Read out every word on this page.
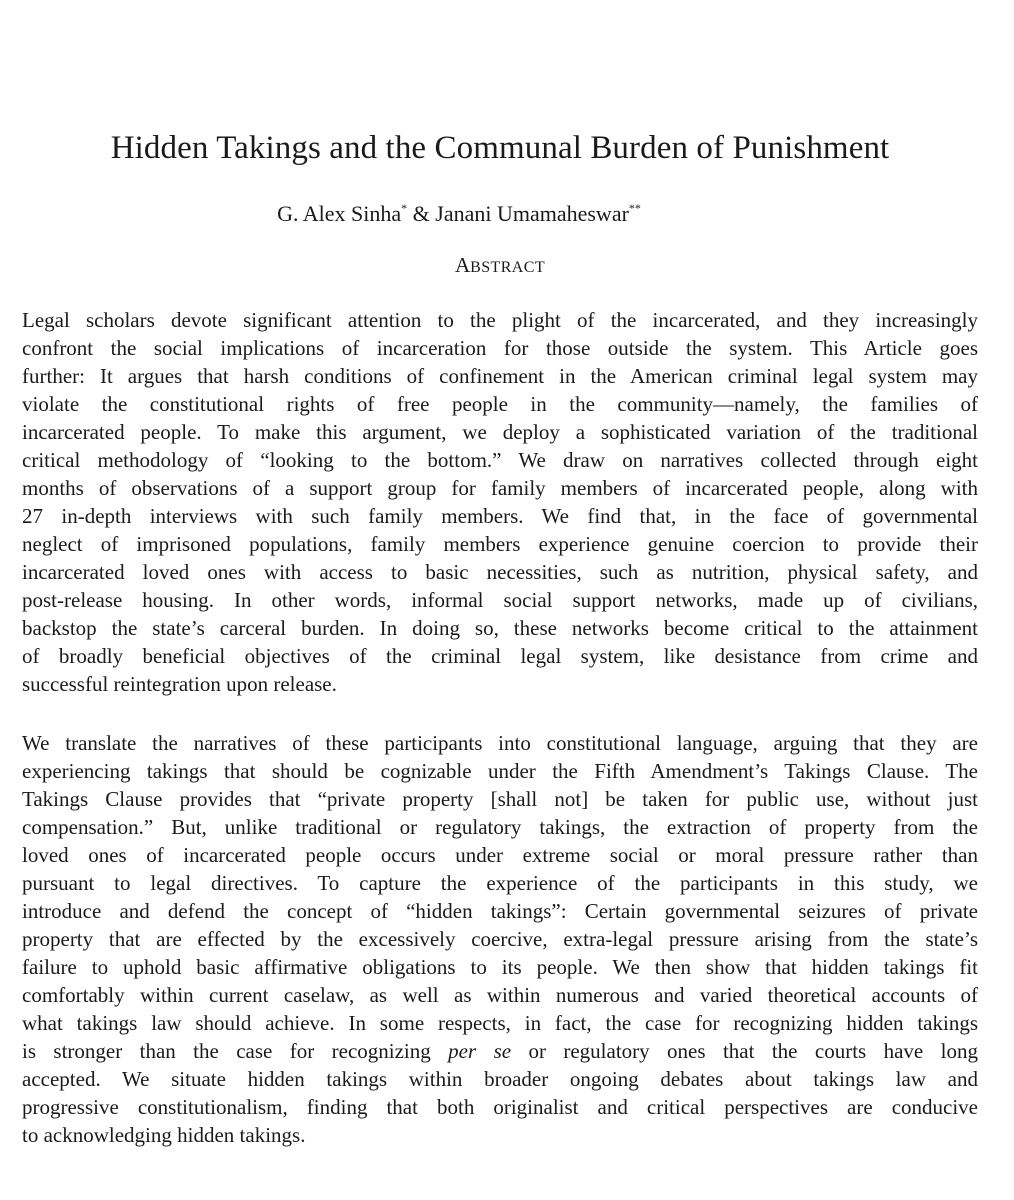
Hidden Takings and the Communal Burden of Punishment

G. Alex Sinha* & Janani Umamaheswar**

ABSTRACT

Legal scholars devote significant attention to the plight of the incarcerated, and they increasingly
confront the social implications of incarceration for those outside the system. This Article goes
further: It argues that harsh conditions of confinement in the American criminal legal system may
violate the constitutional rights of free people in the community—namely, the families of
incarcerated people. To make this argument, we deploy a sophisticated variation of the traditional
critical methodology of “looking to the bottom.” We draw on narratives collected through eight
months of observations of a support group for family members of incarcerated people, along with
27 in-depth interviews with such family members. We find that, in the face of governmental
neglect of imprisoned populations, family members experience genuine coercion to provide their
incarcerated loved ones with access to basic necessities, such as nutrition, physical safety, and
post-release housing. In other words, informal social support networks, made up of civilians,
backstop the state’s carceral burden. In doing so, these networks become critical to the attainment
of broadly beneficial objectives of the criminal legal system, like desistance from crime and
successful reintegration upon release.

We translate the narratives of these participants into constitutional language, arguing that they are
experiencing takings that should be cognizable under the Fifth Amendment’s Takings Clause. The
Takings Clause provides that “private property [shall not] be taken for public use, without just
compensation.” But, unlike traditional or regulatory takings, the extraction of property from the
loved ones of incarcerated people occurs under extreme social or moral pressure rather than
pursuant to legal directives. To capture the experience of the participants in this study, we
introduce and defend the concept of “hidden takings”: Certain governmental seizures of private
property that are effected by the excessively coercive, extra-legal pressure arising from the state’s
failure to uphold basic affirmative obligations to its people. We then show that hidden takings fit
comfortably within current caselaw, as well as within numerous and varied theoretical accounts of
what takings law should achieve. In some respects, in fact, the case for recognizing hidden takings
is stronger than the case for recognizing per se or regulatory ones that the courts have long
accepted. We situate hidden takings within broader ongoing debates about takings law and
progressive constitutionalism, finding that both originalist and critical perspectives are conducive
to acknowledging hidden takings.
